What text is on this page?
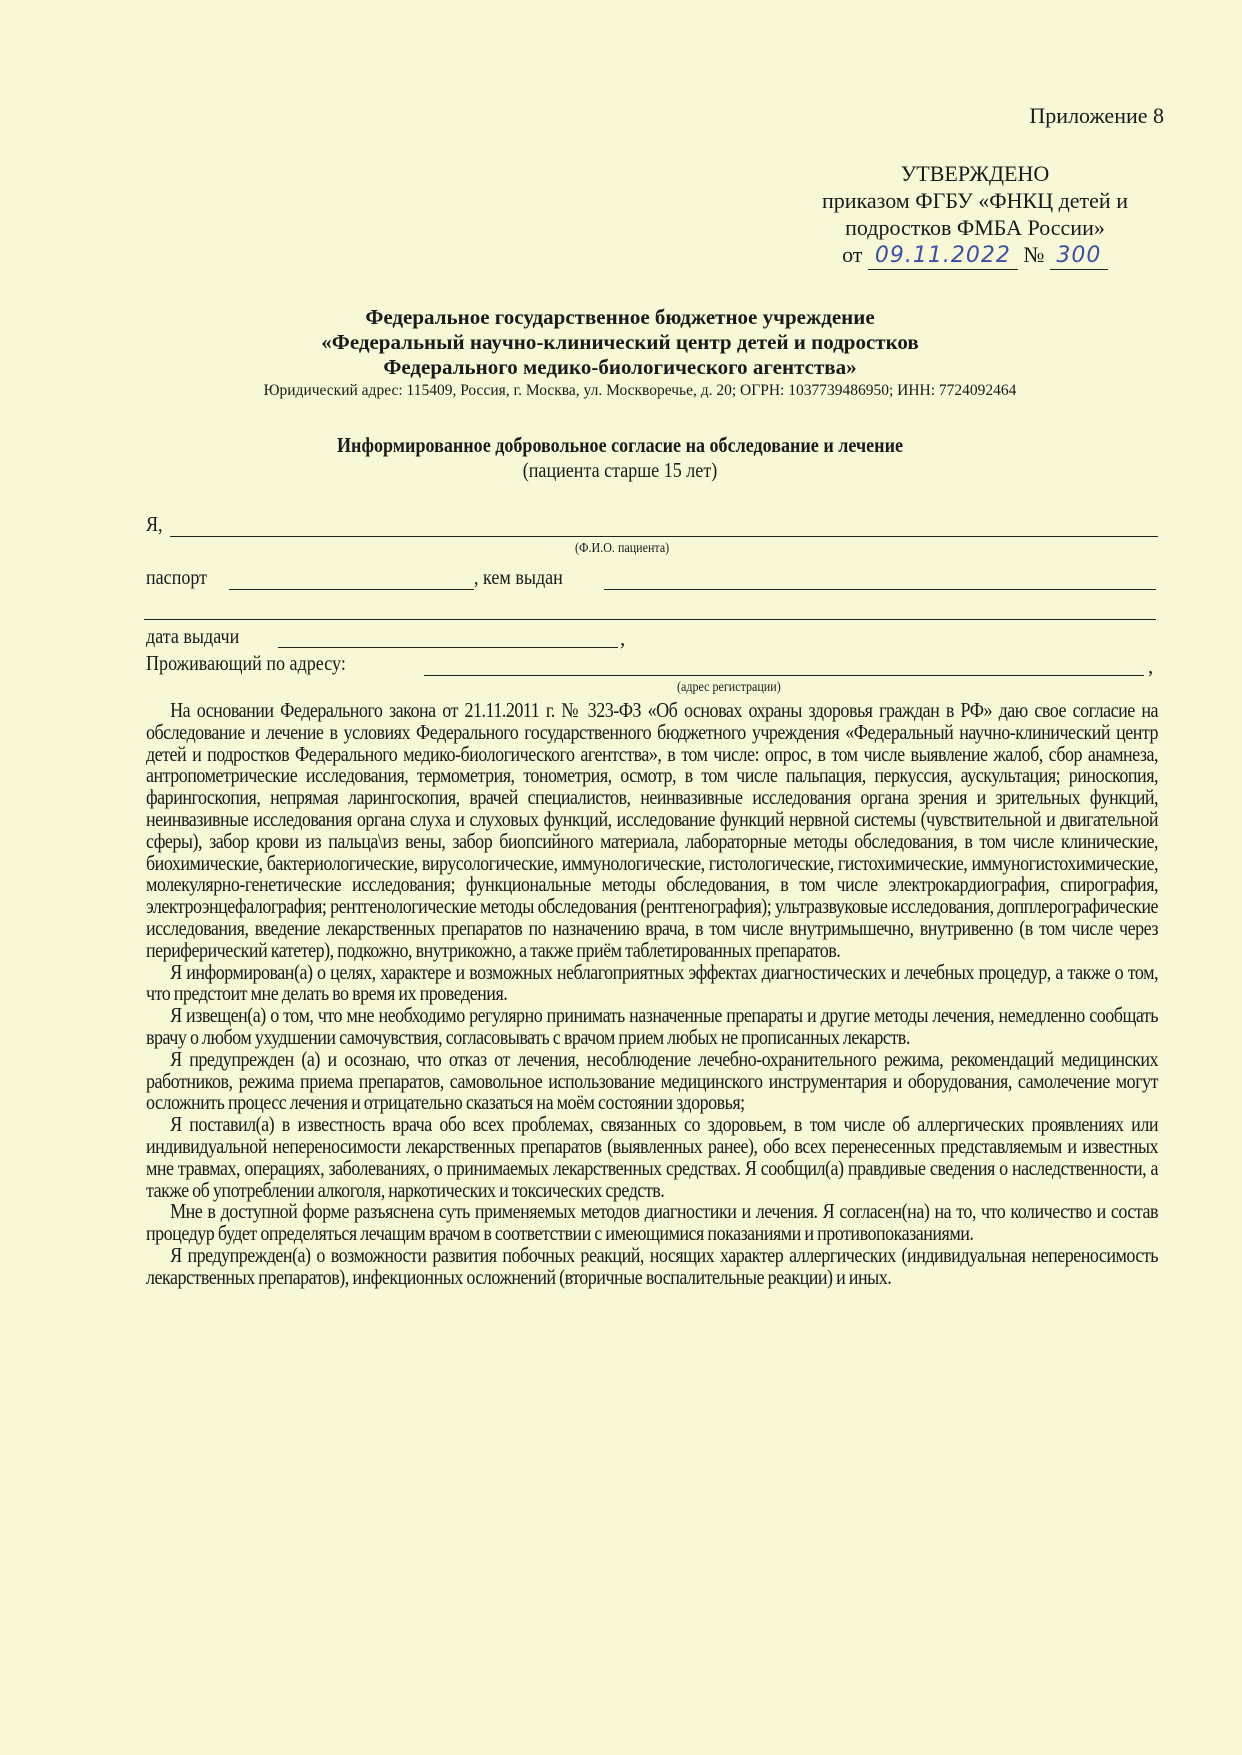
Приложение 8
УТВЕРЖДЕНО
приказом ФГБУ «ФНКЦ детей и
подростков ФМБА России»
от 09.11.2022 № 300
Федеральное государственное бюджетное учреждение
«Федеральный научно-клинический центр детей и подростков
Федерального медико-биологического агентства»
Юридический адрес: 115409, Россия, г. Москва, ул. Москворечье, д. 20; ОГРН: 1037739486950; ИНН: 7724092464
Информированное добровольное согласие на обследование и лечение
(пациента старше 15 лет)
Я,
(Ф.И.О. пациента)
паспорт	, кем выдан
дата выдачи	,
Проживающий по адресу:	,
(адрес регистрации)

На основании Федерального закона от 21.11.2011 г. № 323-ФЗ «Об основах охраны здоровья граждан в РФ» даю свое согласие на обследование и лечение в условиях Федерального государственного бюджетного учреждения «Федеральный научно-клинический центр детей и подростков Федерального медико-биологического агентства», в том числе: опрос, в том числе выявление жалоб, сбор анамнеза, антропометрические исследования, термометрия, тонометрия, осмотр, в том числе пальпация, перкуссия, аускультация; риноскопия, фарингоскопия, непрямая ларингоскопия, врачей специалистов, неинвазивные исследования органа зрения и зрительных функций, неинвазивные исследования органа слуха и слуховых функций, исследование функций нервной системы (чувствительной и двигательной сферы), забор крови из пальца\из вены, забор биопсийного материала, лабораторные методы обследования, в том числе клинические, биохимические, бактериологические, вирусологические, иммунологические, гистологические, гистохимические, иммуногистохимические, молекулярно-генетические исследования; функциональные методы обследования, в том числе электрокардиография, спирография, электроэнцефалография; рентгенологические методы обследования (рентгенография); ультразвуковые исследования, допплерографические исследования, введение лекарственных препаратов по назначению врача, в том числе внутримышечно, внутривенно (в том числе через периферический катетер), подкожно, внутрикожно, а также приём таблетированных препаратов.

Я информирован(а) о целях, характере и возможных неблагоприятных эффектах диагностических и лечебных процедур, а также о том, что предстоит мне делать во время их проведения.

Я извещен(а) о том, что мне необходимо регулярно принимать назначенные препараты и другие методы лечения, немедленно сообщать врачу о любом ухудшении самочувствия, согласовывать с врачом прием любых не прописанных лекарств.

Я предупрежден (а) и осознаю, что отказ от лечения, несоблюдение лечебно-охранительного режима, рекомендаций медицинских работников, режима приема препаратов, самовольное использование медицинского инструментария и оборудования, самолечение могут осложнить процесс лечения и отрицательно сказаться на моём состоянии здоровья;

Я поставил(а) в известность врача обо всех проблемах, связанных со здоровьем, в том числе об аллергических проявлениях или индивидуальной непереносимости лекарственных препаратов (выявленных ранее), обо всех перенесенных представляемым и известных мне травмах, операциях, заболеваниях, о принимаемых лекарственных средствах. Я сообщил(а) правдивые сведения о наследственности, а также об употреблении алкоголя, наркотических и токсических средств.

Мне в доступной форме разъяснена суть применяемых методов диагностики и лечения. Я согласен(на) на то, что количество и состав процедур будет определяться лечащим врачом в соответствии с имеющимися показаниями и противопоказаниями.

Я предупрежден(а) о возможности развития побочных реакций, носящих характер аллергических (индивидуальная непереносимость лекарственных препаратов), инфекционных осложнений (вторичные воспалительные реакции) и иных.
